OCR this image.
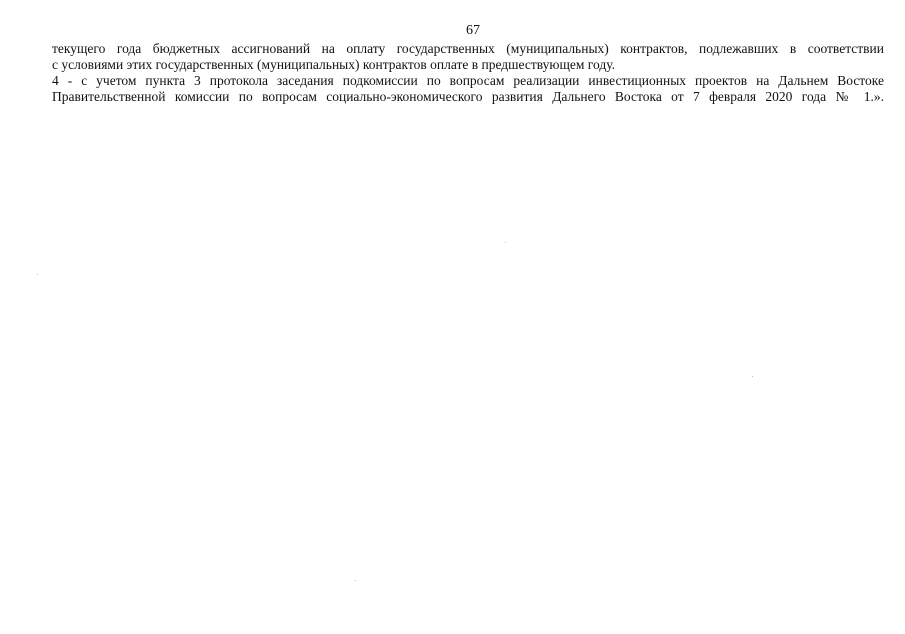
67
текущего года бюджетных ассигнований на оплату государственных (муниципальных) контрактов, подлежавших в соответствии
с условиями этих государственных (муниципальных) контрактов оплате в предшествующем году.
4 - с учетом пункта 3 протокола заседания подкомиссии по вопросам реализации инвестиционных проектов на Дальнем Востоке
Правительственной комиссии по вопросам социально-экономического развития Дальнего Востока от 7 февраля 2020 года № 1.».
